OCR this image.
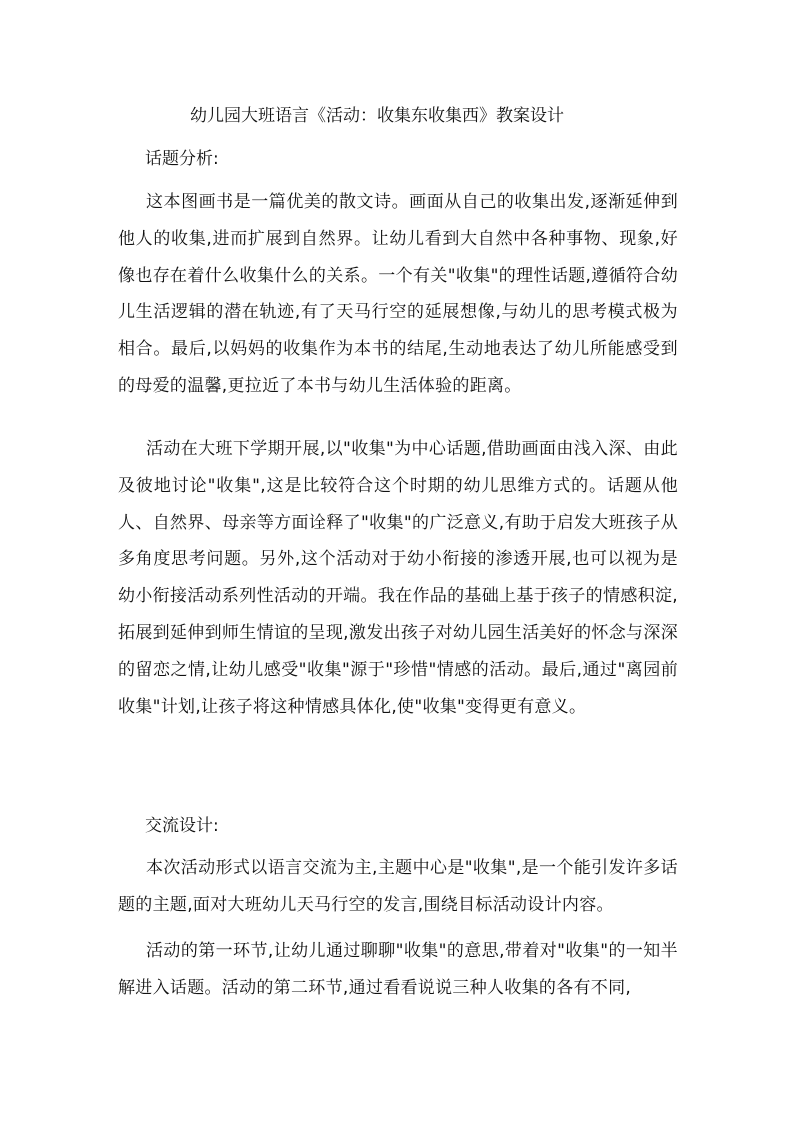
幼儿园大班语言《活动：收集东收集西》教案设计
话题分析:

这本图画书是一篇优美的散文诗。画面从自己的收集出发,逐渐延伸到他人的收集,进而扩展到自然界。让幼儿看到大自然中各种事物、现象,好像也存在着什么收集什么的关系。一个有关"收集"的理性话题,遵循符合幼儿生活逻辑的潜在轨迹,有了天马行空的延展想像,与幼儿的思考模式极为相合。最后,以妈妈的收集作为本书的结尾,生动地表达了幼儿所能感受到的母爱的温馨,更拉近了本书与幼儿生活体验的距离。

活动在大班下学期开展,以"收集"为中心话题,借助画面由浅入深、由此及彼地讨论"收集",这是比较符合这个时期的幼儿思维方式的。话题从他人、自然界、母亲等方面诠释了"收集"的广泛意义,有助于启发大班孩子从多角度思考问题。另外,这个活动对于幼小衔接的渗透开展,也可以视为是幼小衔接活动系列性活动的开端。我在作品的基础上基于孩子的情感积淀,拓展到延伸到师生情谊的呈现,激发出孩子对幼儿园生活美好的怀念与深深的留恋之情,让幼儿感受"收集"源于"珍惜"情感的活动。最后,通过"离园前收集"计划,让孩子将这种情感具体化,使"收集"变得更有意义。

交流设计:

本次活动形式以语言交流为主,主题中心是"收集",是一个能引发许多话题的主题,面对大班幼儿天马行空的发言,围绕目标活动设计内容。

活动的第一环节,让幼儿通过聊聊"收集"的意思,带着对"收集"的一知半解进入话题。活动的第二环节,通过看看说说三种人收集的各有不同,
